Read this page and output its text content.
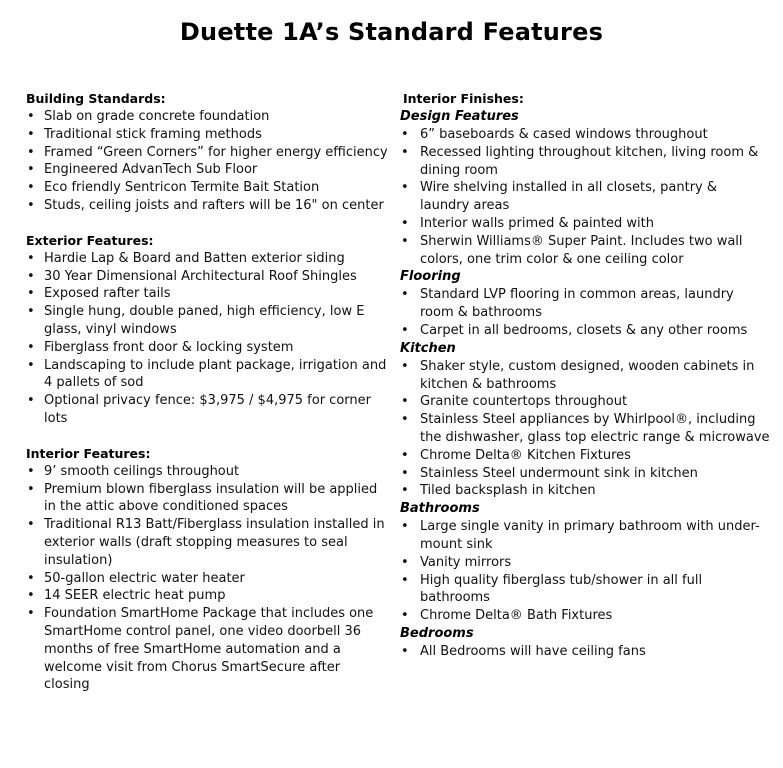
Duette 1A’s Standard Features
Building Standards:
• Slab on grade concrete foundation
• Traditional stick framing methods
• Framed “Green Corners” for higher energy efficiency
• Engineered AdvanTech Sub Floor
• Eco friendly Sentricon Termite Bait Station
• Studs, ceiling joists and rafters will be 16" on center
Exterior Features:
• Hardie Lap & Board and Batten exterior siding
• 30 Year Dimensional Architectural Roof Shingles
• Exposed rafter tails
• Single hung, double paned, high efficiency, low E glass, vinyl windows
• Fiberglass front door & locking system
• Landscaping to include plant package, irrigation and 4 pallets of sod
• Optional privacy fence: $3,975 / $4,975 for corner lots
Interior Features:
• 9’ smooth ceilings throughout
• Premium blown fiberglass insulation will be applied in the attic above conditioned spaces
• Traditional R13 Batt/Fiberglass insulation installed in exterior walls (draft stopping measures to seal insulation)
• 50-gallon electric water heater
• 14 SEER electric heat pump
• Foundation SmartHome Package that includes one SmartHome control panel, one video doorbell 36 months of free SmartHome automation and a welcome visit from Chorus SmartSecure after closing
Interior Finishes:
Design Features
• 6” baseboards & cased windows throughout
• Recessed lighting throughout kitchen, living room & dining room
• Wire shelving installed in all closets, pantry & laundry areas
• Interior walls primed & painted with
• Sherwin Williams® Super Paint. Includes two wall colors, one trim color & one ceiling color
Flooring
• Standard LVP flooring in common areas, laundry room & bathrooms
• Carpet in all bedrooms, closets & any other rooms
Kitchen
• Shaker style, custom designed, wooden cabinets in kitchen & bathrooms
• Granite countertops throughout
• Stainless Steel appliances by Whirlpool®, including the dishwasher, glass top electric range & microwave
• Chrome Delta® Kitchen Fixtures
• Stainless Steel undermount sink in kitchen
• Tiled backsplash in kitchen
Bathrooms
• Large single vanity in primary bathroom with under-mount sink
• Vanity mirrors
• High quality fiberglass tub/shower in all full bathrooms
• Chrome Delta® Bath Fixtures
Bedrooms
• All Bedrooms will have ceiling fans
